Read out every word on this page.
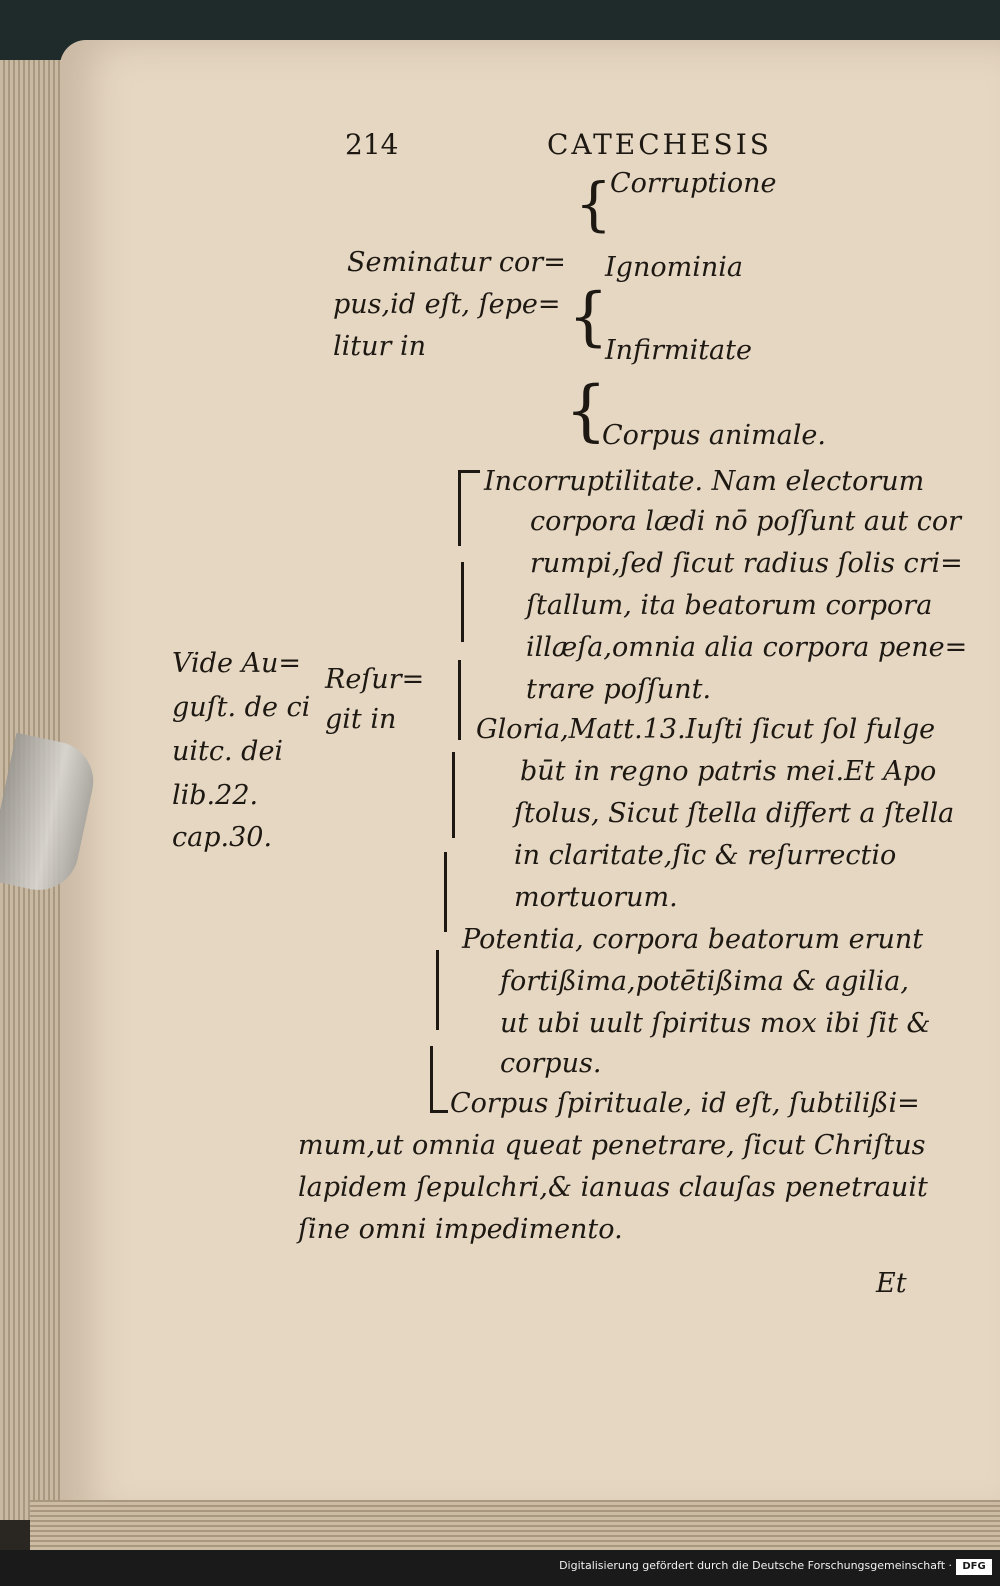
214	CATECHESIS
Seminatur cor=
pus,id eſt, ſepe=
litur in
{
{
{
Corruptione
Ignominia
Infirmitate
Corpus animale.
Vide Au=
guſt. de ci
uitc. dei
lib.22.
cap.30.
Reſur=
git in
Incorruptilitate. Nam electorum
corpora lædi nō poſſunt aut cor
rumpi,ſed ſicut radius ſolis cri=
ſtallum, ita beatorum corpora
illæſa,omnia alia corpora pene=
trare poſſunt.
Gloria,Matt.13.Iuſti ſicut ſol fulge
būt in regno patris mei.Et Apo
ſtolus, Sicut ſtella differt a ſtella
in claritate,ſic & reſurrectio
mortuorum.
Potentia, corpora beatorum erunt
fortißima,potētißima & agilia,
ut ubi uult ſpiritus mox ibi ſit &
corpus.
Corpus ſpirituale, id eſt, ſubtilißi=
mum,ut omnia queat penetrare, ſicut Chriſtus
lapidem ſepulchri,& ianuas clauſas penetrauit
ſine omni impedimento.
Et
Digitalisierung gefördert durch die Deutsche Forschungsgemeinschaft ·	DFG
